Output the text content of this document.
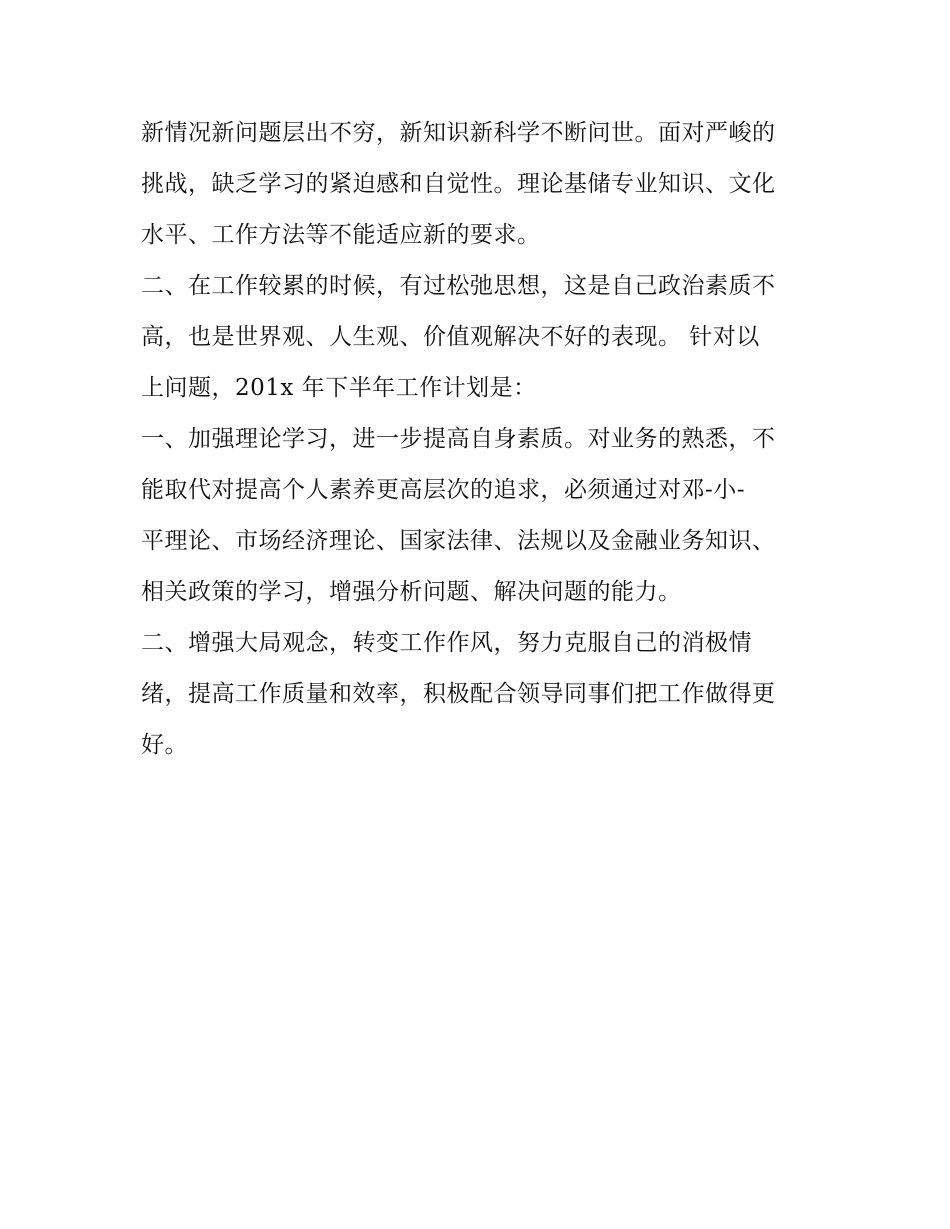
新情况新问题层出不穷，新知识新科学不断问世。面对严峻的
挑战，缺乏学习的紧迫感和自觉性。理论基储专业知识、文化
水平、工作方法等不能适应新的要求。
二、在工作较累的时候，有过松弛思想，这是自己政治素质不
高，也是世界观、人生观、价值观解决不好的表现。 针对以
上问题，201x 年下半年工作计划是：
一、加强理论学习，进一步提高自身素质。对业务的熟悉，不
能取代对提高个人素养更高层次的追求，必须通过对邓-小-
平理论、市场经济理论、国家法律、法规以及金融业务知识、
相关政策的学习，增强分析问题、解决问题的能力。
二、增强大局观念，转变工作作风，努力克服自己的消极情
绪，提高工作质量和效率，积极配合领导同事们把工作做得更
好。
